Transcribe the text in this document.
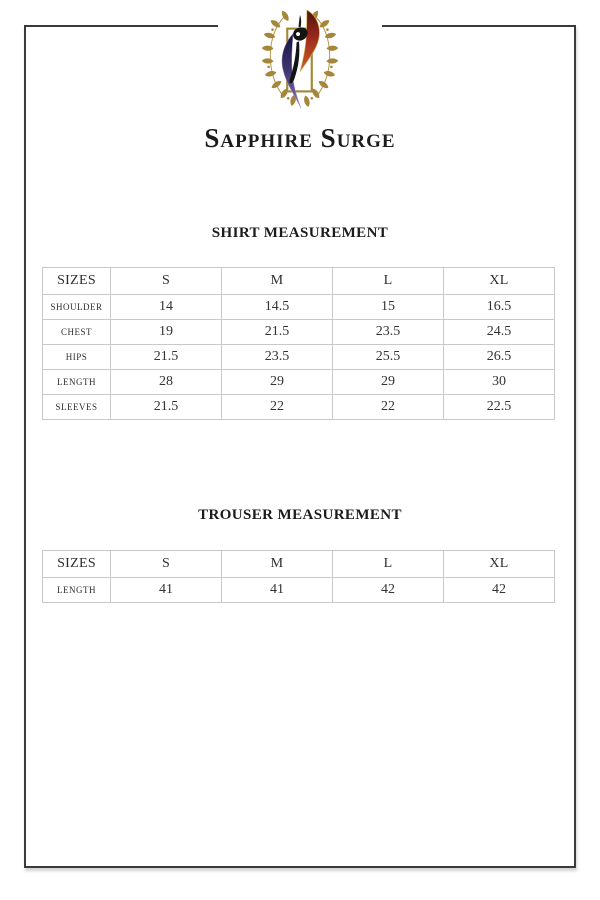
Sapphire Surge
SHIRT MEASUREMENT
SIZES	S	M	L	XL
SHOULDER	14	14.5	15	16.5
CHEST	19	21.5	23.5	24.5
HIPS	21.5	23.5	25.5	26.5
LENGTH	28	29	29	30
SLEEVES	21.5	22	22	22.5
TROUSER MEASUREMENT
SIZES	S	M	L	XL
LENGTH	41	41	42	42
